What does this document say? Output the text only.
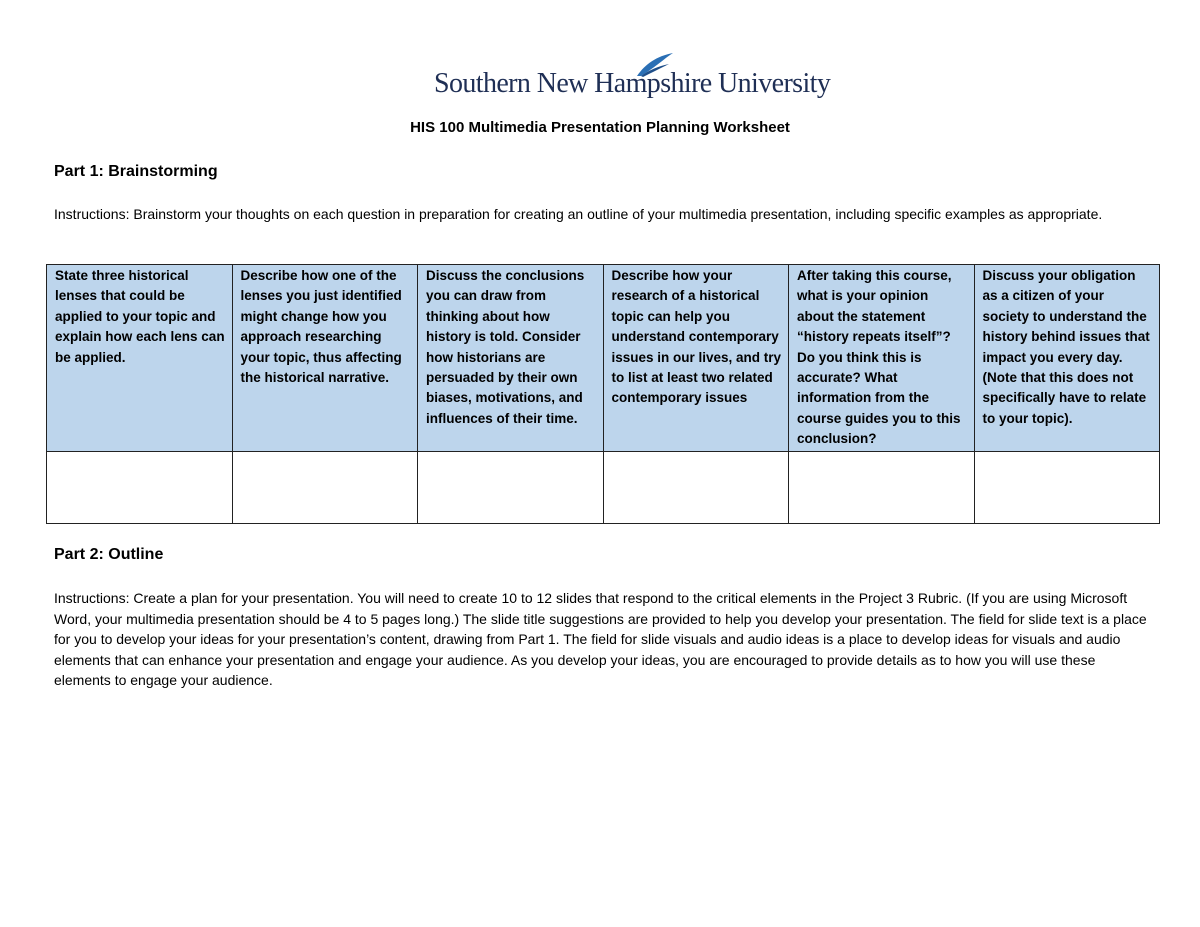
Southern New Hampshire University
HIS 100 Multimedia Presentation Planning Worksheet
Part 1: Brainstorming
Instructions: Brainstorm your thoughts on each question in preparation for creating an outline of your multimedia presentation, including specific examples as appropriate.
State three historical lenses that could be applied to your topic and explain how each lens can be applied.	Describe how one of the lenses you just identified might change how you approach researching your topic, thus affecting the historical narrative.	Discuss the conclusions you can draw from thinking about how history is told. Consider how historians are persuaded by their own biases, motivations, and influences of their time.	Describe how your research of a historical topic can help you understand contemporary issues in our lives, and try to list at least two related contemporary issues	After taking this course, what is your opinion about the statement “history repeats itself”? Do you think this is accurate? What information from the course guides you to this conclusion?	Discuss your obligation as a citizen of your society to understand the history behind issues that impact you every day. (Note that this does not specifically have to relate to your topic).

Part 2: Outline
Instructions: Create a plan for your presentation. You will need to create 10 to 12 slides that respond to the critical elements in the Project 3 Rubric. (If you are using Microsoft Word, your multimedia presentation should be 4 to 5 pages long.) The slide title suggestions are provided to help you develop your presentation. The field for slide text is a place for you to develop your ideas for your presentation’s content, drawing from Part 1. The field for slide visuals and audio ideas is a place to develop ideas for visuals and audio elements that can enhance your presentation and engage your audience. As you develop your ideas, you are encouraged to provide details as to how you will use these elements to engage your audience.
